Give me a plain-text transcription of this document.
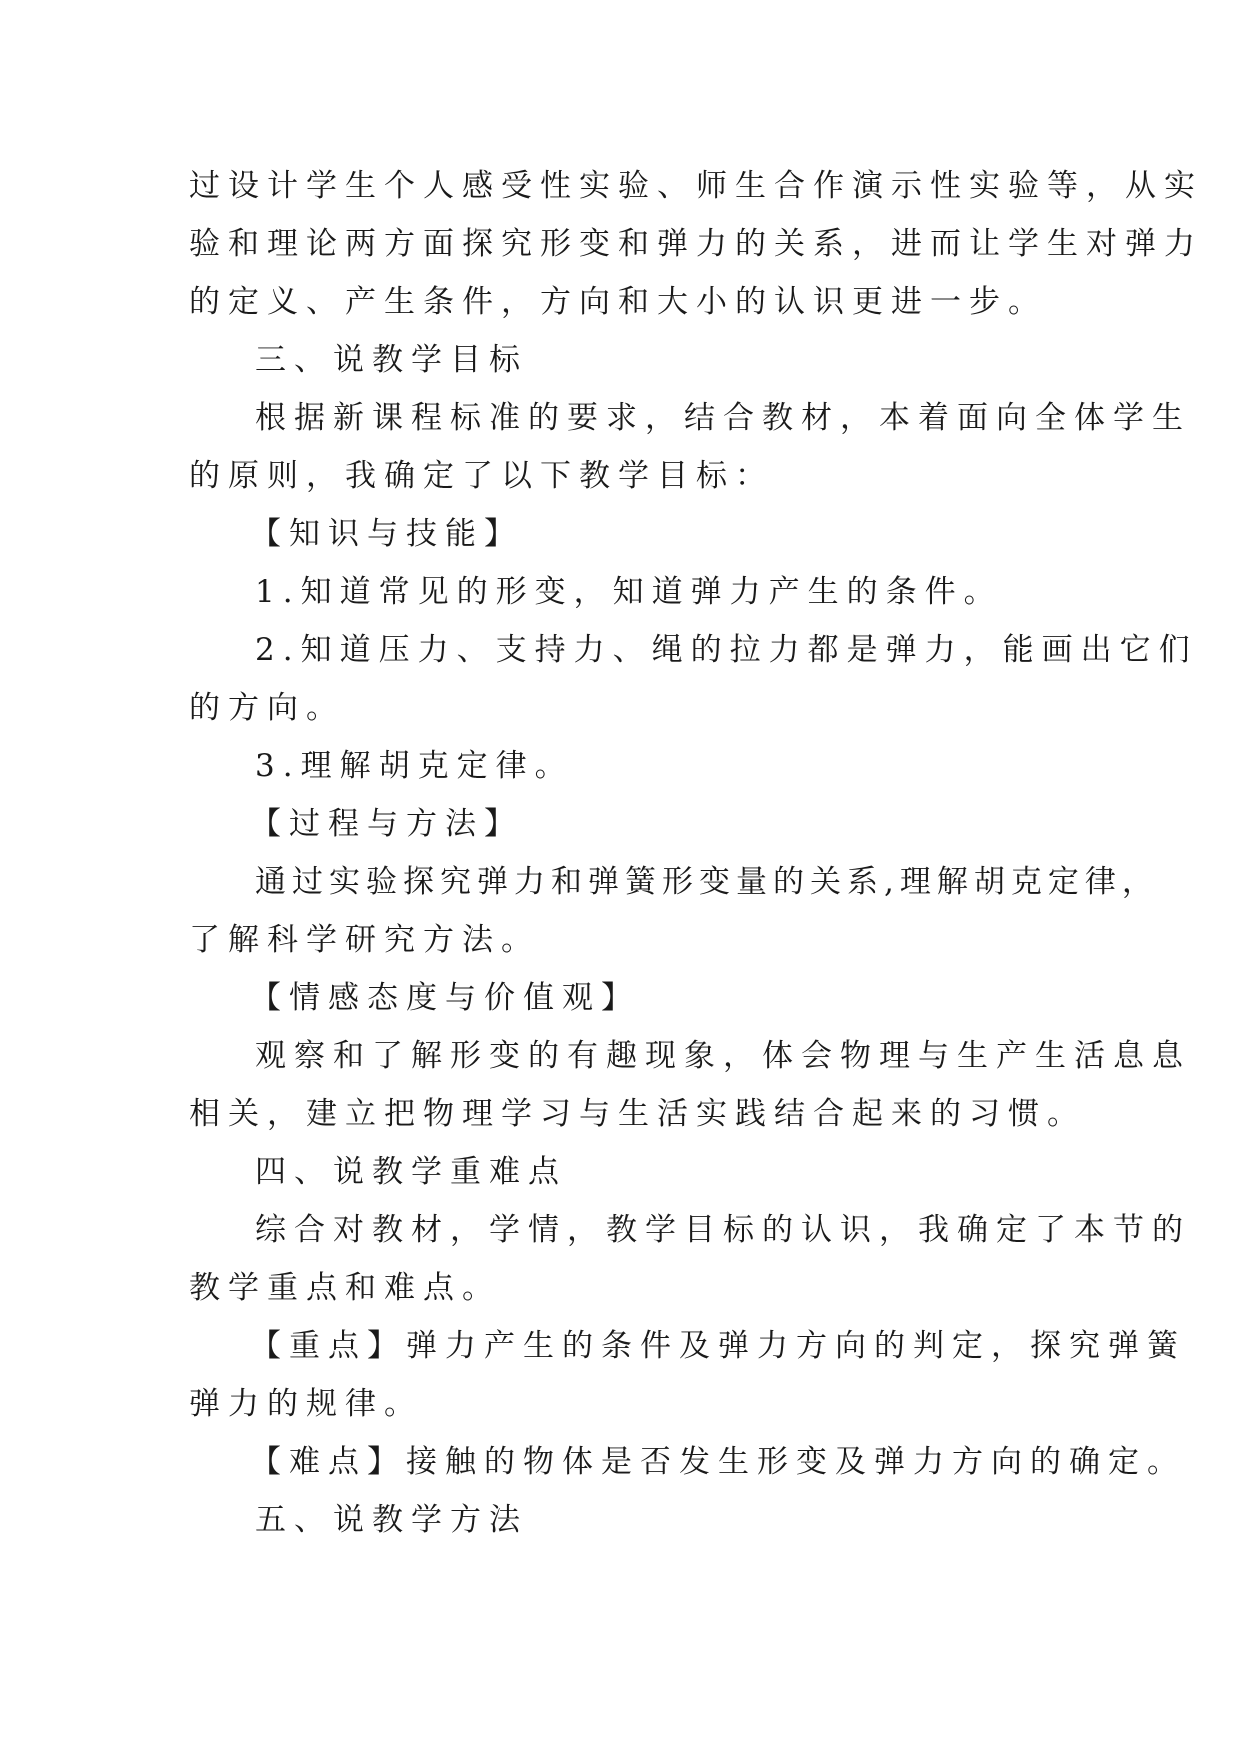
过设计学生个人感受性实验、师生合作演示性实验等，从实
验和理论两方面探究形变和弹力的关系，进而让学生对弹力
的定义、产生条件，方向和大小的认识更进一步。
三、说教学目标
根据新课程标准的要求，结合教材，本着面向全体学生
的原则，我确定了以下教学目标：
【知识与技能】
1.知道常见的形变，知道弹力产生的条件。
2.知道压力、支持力、绳的拉力都是弹力，能画出它们
的方向。
3.理解胡克定律。
【过程与方法】
通过实验探究弹力和弹簧形变量的关系,理解胡克定律，
了解科学研究方法。
【情感态度与价值观】
观察和了解形变的有趣现象，体会物理与生产生活息息
相关，建立把物理学习与生活实践结合起来的习惯。
四、说教学重难点
综合对教材，学情，教学目标的认识，我确定了本节的
教学重点和难点。
【重点】弹力产生的条件及弹力方向的判定，探究弹簧
弹力的规律。
【难点】接触的物体是否发生形变及弹力方向的确定。
五、说教学方法
